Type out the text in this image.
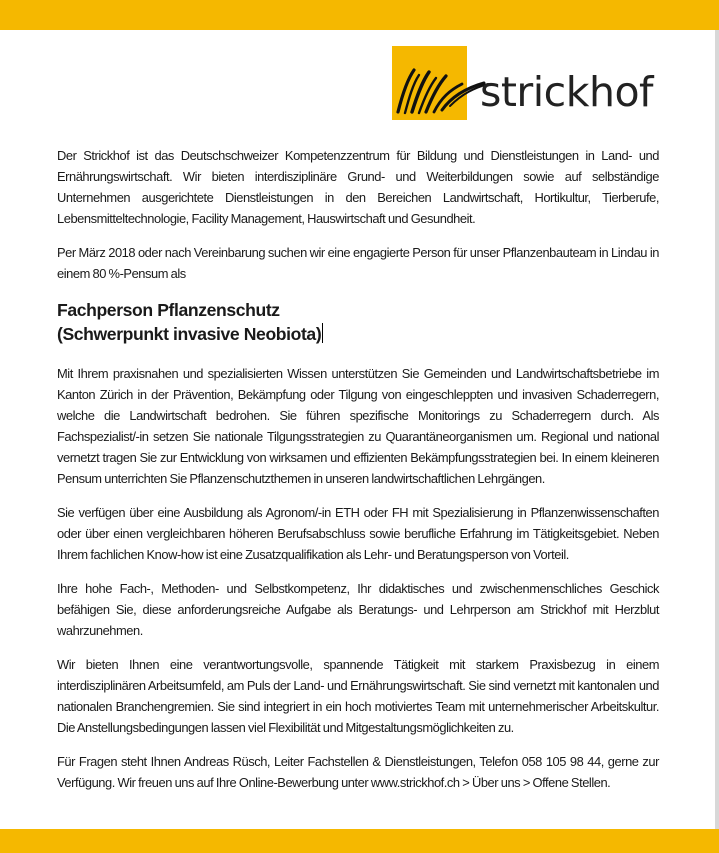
strickhof

Der Strickhof ist das Deutschschweizer Kompetenzzentrum für Bildung und Dienstleistungen in Land- und Ernährungswirtschaft. Wir bieten interdisziplinäre Grund- und Weiterbildungen sowie auf selbständige Unternehmen ausgerichtete Dienstleistungen in den Bereichen Landwirtschaft, Hortikultur, Tierberufe, Lebensmitteltechnologie, Facility Management, Hauswirtschaft und Gesundheit.

Per März 2018 oder nach Vereinbarung suchen wir eine engagierte Person für unser Pflanzenbauteam in Lindau in einem 80 %-Pensum als

Fachperson Pflanzenschutz
(Schwerpunkt invasive Neobiota)

Mit Ihrem praxisnahen und spezialisierten Wissen unterstützen Sie Gemeinden und Landwirtschaftsbetriebe im Kanton Zürich in der Prävention, Bekämpfung oder Tilgung von eingeschleppten und invasiven Schaderregern, welche die Landwirtschaft bedrohen. Sie führen spezifische Monitorings zu Schaderregern durch. Als Fachspezialist/-in setzen Sie nationale Tilgungsstrategien zu Quarantäneorganismen um. Regional und national vernetzt tragen Sie zur Entwicklung von wirksamen und effizienten Bekämpfungsstrategien bei. In einem kleineren Pensum unterrichten Sie Pflanzenschutzthemen in unseren landwirtschaftlichen Lehrgängen.

Sie verfügen über eine Ausbildung als Agronom/-in ETH oder FH mit Spezialisierung in Pflanzenwissenschaften oder über einen vergleichbaren höheren Berufsabschluss sowie berufliche Erfahrung im Tätigkeitsgebiet. Neben Ihrem fachlichen Know-how ist eine Zusatzqualifikation als Lehr- und Beratungsperson von Vorteil.

Ihre hohe Fach-, Methoden- und Selbstkompetenz, Ihr didaktisches und zwischenmenschliches Geschick befähigen Sie, diese anforderungsreiche Aufgabe als Beratungs- und Lehrperson am Strickhof mit Herzblut wahrzunehmen.

Wir bieten Ihnen eine verantwortungsvolle, spannende Tätigkeit mit starkem Praxisbezug in einem interdisziplinären Arbeitsumfeld, am Puls der Land- und Ernährungswirtschaft. Sie sind vernetzt mit kantonalen und nationalen Branchengremien. Sie sind integriert in ein hoch motiviertes Team mit unternehmerischer Arbeitskultur. Die Anstellungsbedingungen lassen viel Flexibilität und Mitgestaltungsmöglichkeiten zu.

Für Fragen steht Ihnen Andreas Rüsch, Leiter Fachstellen & Dienstleistungen, Telefon 058 105 98 44, gerne zur Verfügung. Wir freuen uns auf Ihre Online-Bewerbung unter www.strickhof.ch > Über uns > Offene Stellen.
